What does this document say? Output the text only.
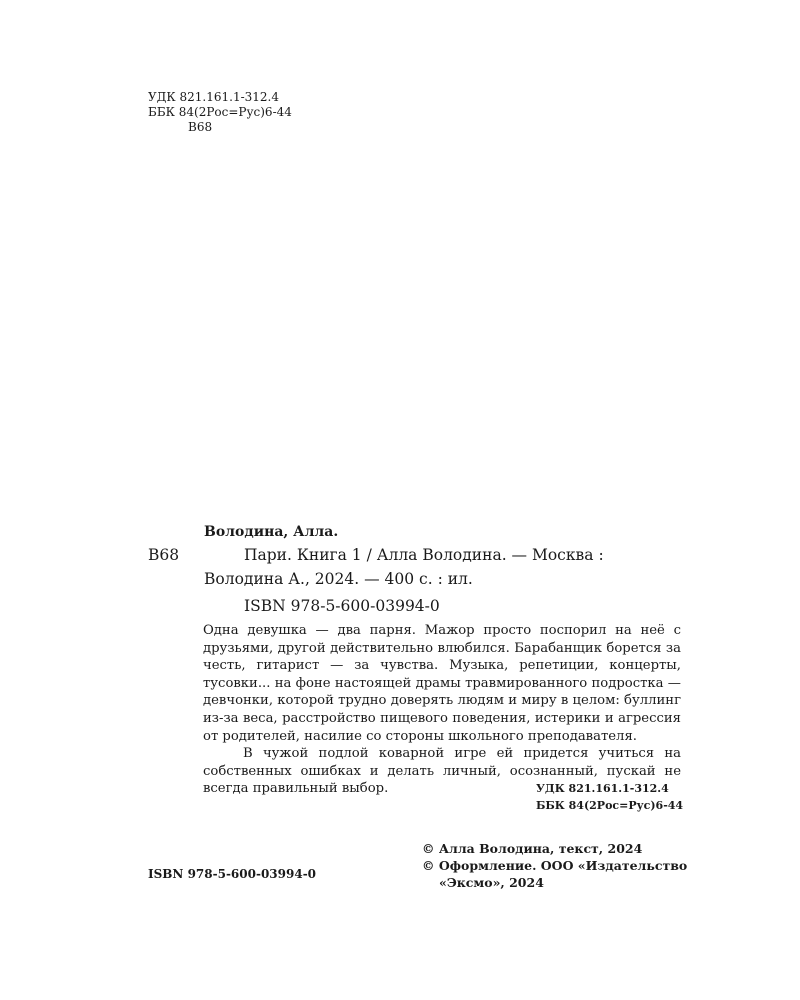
УДК 821.161.1-312.4
ББК 84(2Рос=Рус)6-44
В68
Володина, Алла.
В68	Пари. Книга 1 / Алла Володина. — Москва :
Володина А., 2024. — 400 с. : ил.
ISBN 978-5-600-03994-0

Одна девушка — два парня. Мажор просто поспорил на неё с друзьями, другой действительно влюбился. Барабанщик борется за честь, гитарист — за чувства. Музыка, репетиции, концерты, тусовки... на фоне настоящей драмы травмированного подростка — девчонки, которой трудно доверять людям и миру в целом: буллинг из-за веса, расстройство пищевого поведения, истерики и агрессия от родителей, насилие со стороны школьного преподавателя.

В чужой подлой коварной игре ей придется учиться на собственных ошибках и делать личный, осознанный, пускай не всегда правильный выбор.	УДК 821.161.1-312.4
ББК 84(2Рос=Рус)6-44
ISBN 978-5-600-03994-0
© Алла Володина, текст, 2024
© Оформление. ООО «Издательство
«Эксмо», 2024
